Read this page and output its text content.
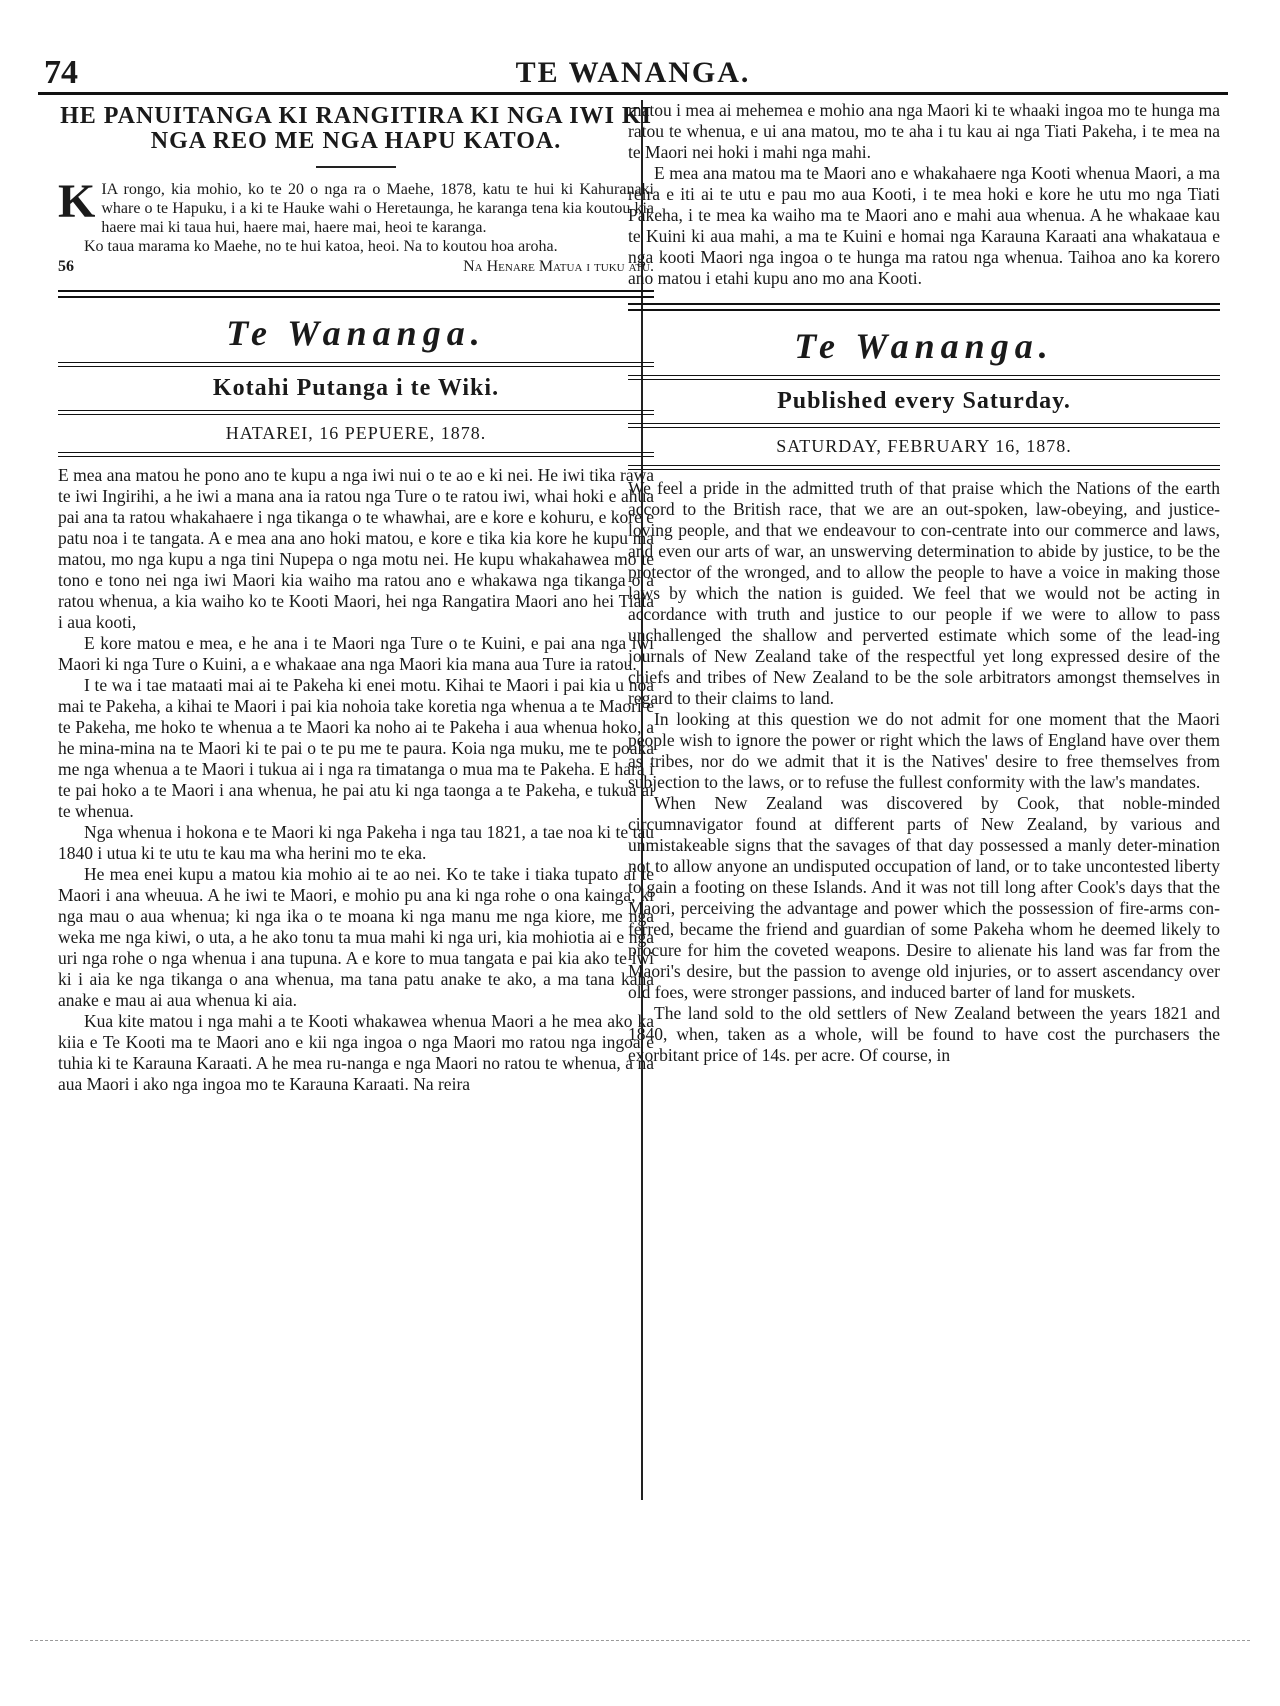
74	TE WANANGA.
HE PANUITANGA KI RANGITIRA KI NGA IWI KI NGA REO ME NGA HAPU KATOA.
KIA rongo, kia mohio, ko te 20 o nga ra o Maehe, 1878, katu te hui ki Kahuranaki whare o te Hapuku, i a ki te Hauke wahi o Heretaunga, he karanga tena kia koutou kia haere mai ki taua hui, haere mai, haere mai, heoi te karanga.
Ko taua marama ko Maehe, no te hui katoa, heoi. Na to koutou hoa aroha.
56	Na Henare Matua i tuku atu.
Te Wananga.
Kotahi Putanga i te Wiki.
HATAREI, 16 PEPUERE, 1878.

E mea ana matou he pono ano te kupu a nga iwi nui o te ao e ki nei. He iwi tika rawa te iwi Ingirihi, a he iwi a mana ana ia ratou nga Ture o te ratou iwi, whai hoki e ahua pai ana ta ratou whakahaere i nga tikanga o te whawhai, are e kore e kohuru, e kore e patu noa i te tangata. A e mea ana ano hoki matou, e kore e tika kia kore he kupu ma matou, mo nga kupu a nga tini Nupepa o nga motu nei. He kupu whakahawea mo te tono e tono nei nga iwi Maori kia waiho ma ratou ano e whakawa nga tikanga o a ratou whenua, a kia waiho ko te Kooti Maori, hei nga Rangatira Maori ano hei Tiata i aua kooti,

E kore matou e mea, e he ana i te Maori nga Ture o te Kuini, e pai ana nga iwi Maori ki nga Ture o Kuini, a e whakaae ana nga Maori kia mana aua Ture ia ratou.

I te wa i tae mataati mai ai te Pakeha ki enei motu. Kihai te Maori i pai kia u noa mai te Pakeha, a kihai te Maori i pai kia nohoia take koretia nga whenua a te Maori e te Pakeha, me hoko te whenua a te Maori ka noho ai te Pakeha i aua whenua hoko, a he mina-mina na te Maori ki te pai o te pu me te paura. Koia nga muku, me te poaka me nga whenua a te Maori i tukua ai i nga ra timatanga o mua ma te Pakeha. E hara i te pai hoko a te Maori i ana whenua, he pai atu ki nga taonga a te Pakeha, e tukua ai te whenua.

Nga whenua i hokona e te Maori ki nga Pakeha i nga tau 1821, a tae noa ki te tau 1840 i utua ki te utu te kau ma wha herini mo te eka.

He mea enei kupu a matou kia mohio ai te ao nei. Ko te take i tiaka tupato ai te Maori i ana wheuua. A he iwi te Maori, e mohio pu ana ki nga rohe o ona kainga, ki nga mau o aua whenua; ki nga ika o te moana ki nga manu me nga kiore, me nga weka me nga kiwi, o uta, a he ako tonu ta mua mahi ki nga uri, kia mohiotia ai e nga uri nga rohe o nga whenua i ana tupuna. A e kore to mua tangata e pai kia ako te iwi ki i aia ke nga tikanga o ana whenua, ma tana patu anake te ako, a ma tana kaha anake e mau ai aua whenua ki aia.

Kua kite matou i nga mahi a te Kooti whakawea whenua Maori a he mea ako ka kiia e Te Kooti ma te Maori ano e kii nga ingoa o nga Maori mo ratou nga ingoa e tuhia ki te Karauna Karaati. A he mea ru-nanga e nga Maori no ratou te whenua, a na aua Maori i ako nga ingoa mo te Karauna Karaati. Na reira

matou i mea ai mehemea e mohio ana nga Maori ki te whaaki ingoa mo te hunga ma ratou te whenua, e ui ana matou, mo te aha i tu kau ai nga Tiati Pakeha, i te mea na te Maori nei hoki i mahi nga mahi.

E mea ana matou ma te Maori ano e whakahaere nga Kooti whenua Maori, a ma reira e iti ai te utu e pau mo aua Kooti, i te mea hoki e kore he utu mo nga Tiati Pakeha, i te mea ka waiho ma te Maori ano e mahi aua whenua. A he whakaae kau te Kuini ki aua mahi, a ma te Kuini e homai nga Karauna Karaati ana whakataua e nga kooti Maori nga ingoa o te hunga ma ratou nga whenua. Taihoa ano ka korero ano matou i etahi kupu ano mo ana Kooti.

Te Wananga.
Published every Saturday.
SATURDAY, FEBRUARY 16, 1878.

We feel a pride in the admitted truth of that praise which the Nations of the earth accord to the British race, that we are an out-spoken, law-obeying, and justice-loving people, and that we endeavour to con-centrate into our commerce and laws, and even our arts of war, an unswerving determination to abide by justice, to be the protector of the wronged, and to allow the people to have a voice in making those laws by which the nation is guided. We feel that we would not be acting in accordance with truth and justice to our people if we were to allow to pass unchallenged the shallow and perverted estimate which some of the lead-ing journals of New Zealand take of the respectful yet long expressed desire of the chiefs and tribes of New Zealand to be the sole arbitrators amongst themselves in regard to their claims to land.

In looking at this question we do not admit for one moment that the Maori people wish to ignore the power or right which the laws of England have over them as tribes, nor do we admit that it is the Natives' desire to free themselves from subjection to the laws, or to refuse the fullest conformity with the law's mandates.

When New Zealand was discovered by Cook, that noble-minded circumnavigator found at different parts of New Zealand, by various and unmistakeable signs that the savages of that day possessed a manly deter-mination not to allow anyone an undisputed occupation of land, or to take uncontested liberty to gain a footing on these Islands. And it was not till long after Cook's days that the Maori, perceiving the advantage and power which the possession of fire-arms con-ferred, became the friend and guardian of some Pakeha whom he deemed likely to procure for him the coveted weapons. Desire to alienate his land was far from the Maori's desire, but the passion to avenge old injuries, or to assert ascendancy over old foes, were stronger passions, and induced barter of land for muskets.

The land sold to the old settlers of New Zealand between the years 1821 and 1840, when, taken as a whole, will be found to have cost the purchasers the exorbitant price of 14s. per acre. Of course, in
